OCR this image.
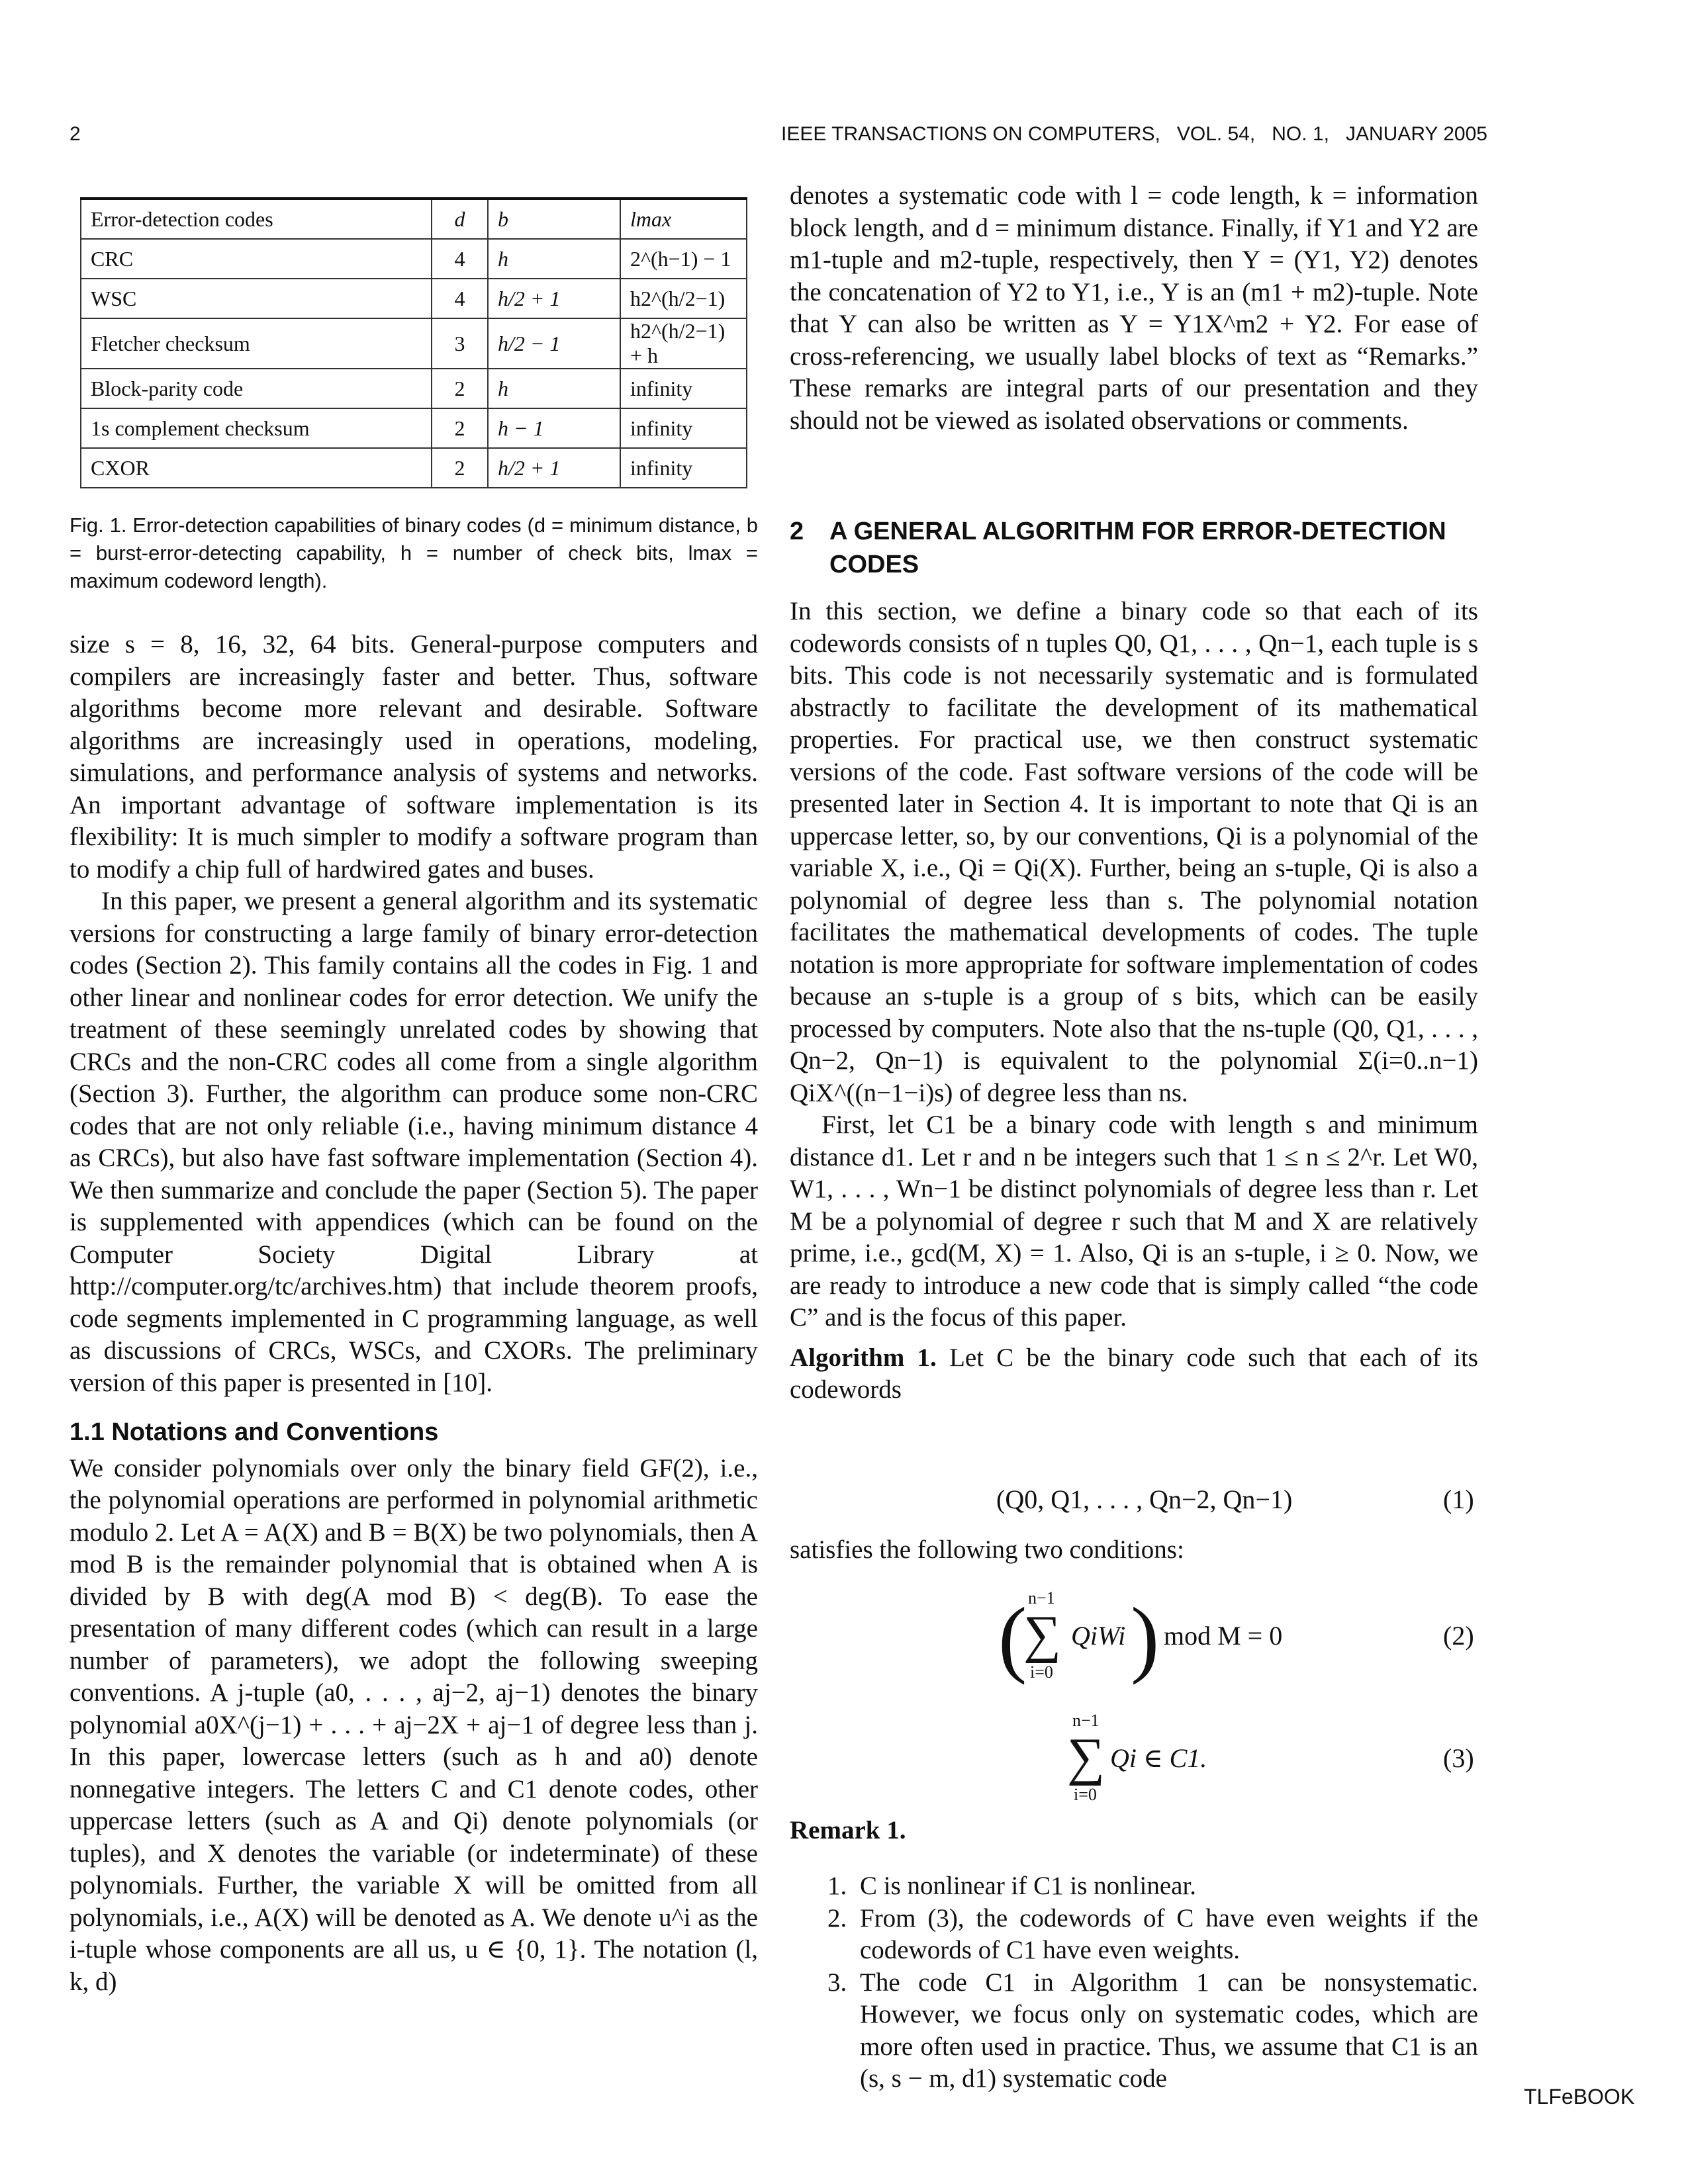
2	IEEE TRANSACTIONS ON COMPUTERS,   VOL. 54,   NO. 1,   JANUARY 2005
Error-detection codes	d	b	lmax
CRC	4	h	2^(h−1) − 1
WSC	4	h/2 + 1	h2^(h/2−1)
Fletcher checksum	3	h/2 − 1	h2^(h/2−1) + h
Block-parity code	2	h	infinity
1s complement checksum	2	h − 1	infinity
CXOR	2	h/2 + 1	infinity
Fig. 1. Error-detection capabilities of binary codes (d = minimum distance, b = burst-error-detecting capability, h = number of check bits, lmax = maximum codeword length).

size s = 8, 16, 32, 64 bits. General-purpose computers and compilers are increasingly faster and better. Thus, software algorithms become more relevant and desirable. Software algorithms are increasingly used in operations, modeling, simulations, and performance analysis of systems and networks. An important advantage of software implementation is its flexibility: It is much simpler to modify a software program than to modify a chip full of hardwired gates and buses.

In this paper, we present a general algorithm and its systematic versions for constructing a large family of binary error-detection codes (Section 2). This family contains all the codes in Fig. 1 and other linear and nonlinear codes for error detection. We unify the treatment of these seemingly unrelated codes by showing that CRCs and the non-CRC codes all come from a single algorithm (Section 3). Further, the algorithm can produce some non-CRC codes that are not only reliable (i.e., having minimum distance 4 as CRCs), but also have fast software implementation (Section 4). We then summarize and conclude the paper (Section 5). The paper is supplemented with appendices (which can be found on the Computer Society Digital Library at http://computer.org/tc/archives.htm) that include theorem proofs, code segments implemented in C programming language, as well as discussions of CRCs, WSCs, and CXORs. The preliminary version of this paper is presented in [10].

1.1 Notations and Conventions

We consider polynomials over only the binary field GF(2), i.e., the polynomial operations are performed in polynomial arithmetic modulo 2. Let A = A(X) and B = B(X) be two polynomials, then A mod B is the remainder polynomial that is obtained when A is divided by B with deg(A mod B) < deg(B). To ease the presentation of many different codes (which can result in a large number of parameters), we adopt the following sweeping conventions. A j-tuple (a0, . . . , aj−2, aj−1) denotes the binary polynomial a0X^(j−1) + . . . + aj−2X + aj−1 of degree less than j. In this paper, lowercase letters (such as h and a0) denote nonnegative integers. The letters C and C1 denote codes, other uppercase letters (such as A and Qi) denote polynomials (or tuples), and X denotes the variable (or indeterminate) of these polynomials. Further, the variable X will be omitted from all polynomials, i.e., A(X) will be denoted as A. We denote u^i as the i-tuple whose components are all us, u ∈ {0, 1}. The notation (l, k, d)

denotes a systematic code with l = code length, k = information block length, and d = minimum distance. Finally, if Y1 and Y2 are m1-tuple and m2-tuple, respectively, then Y = (Y1, Y2) denotes the concatenation of Y2 to Y1, i.e., Y is an (m1 + m2)-tuple. Note that Y can also be written as Y = Y1X^m2 + Y2. For ease of cross-referencing, we usually label blocks of text as “Remarks.” These remarks are integral parts of our presentation and they should not be viewed as isolated observations or comments.

2 A GENERAL ALGORITHM FOR ERROR-DETECTION CODES

In this section, we define a binary code so that each of its codewords consists of n tuples Q0, Q1, . . . , Qn−1, each tuple is s bits. This code is not necessarily systematic and is formulated abstractly to facilitate the development of its mathematical properties. For practical use, we then construct systematic versions of the code. Fast software versions of the code will be presented later in Section 4. It is important to note that Qi is an uppercase letter, so, by our conventions, Qi is a polynomial of the variable X, i.e., Qi = Qi(X). Further, being an s-tuple, Qi is also a polynomial of degree less than s. The polynomial notation facilitates the mathematical developments of codes. The tuple notation is more appropriate for software implementation of codes because an s-tuple is a group of s bits, which can be easily processed by computers. Note also that the ns-tuple (Q0, Q1, . . . , Qn−2, Qn−1) is equivalent to the polynomial Σ(i=0..n−1) QiX^((n−1−i)s) of degree less than ns.

First, let C1 be a binary code with length s and minimum distance d1. Let r and n be integers such that 1 ≤ n ≤ 2^r. Let W0, W1, . . . , Wn−1 be distinct polynomials of degree less than r. Let M be a polynomial of degree r such that M and X are relatively prime, i.e., gcd(M, X) = 1. Also, Qi is an s-tuple, i ≥ 0. Now, we are ready to introduce a new code that is simply called “the code C” and is the focus of this paper.

Algorithm 1. Let C be the binary code such that each of its codewords

(Q0, Q1, . . . , Qn−2, Qn−1)	(1)
satisfies the following two conditions:
( n−1
∑
i=0
QiWi ) mod M = 0	(2)
n−1
∑
i=0
Qi ∈ C1.	(3)
Remark 1.
1. C is nonlinear if C1 is nonlinear.
2. From (3), the codewords of C have even weights if the codewords of C1 have even weights.
3. The code C1 in Algorithm 1 can be nonsystematic. However, we focus only on systematic codes, which are more often used in practice. Thus, we assume that C1 is an (s, s − m, d1) systematic code
TLFeBOOK
